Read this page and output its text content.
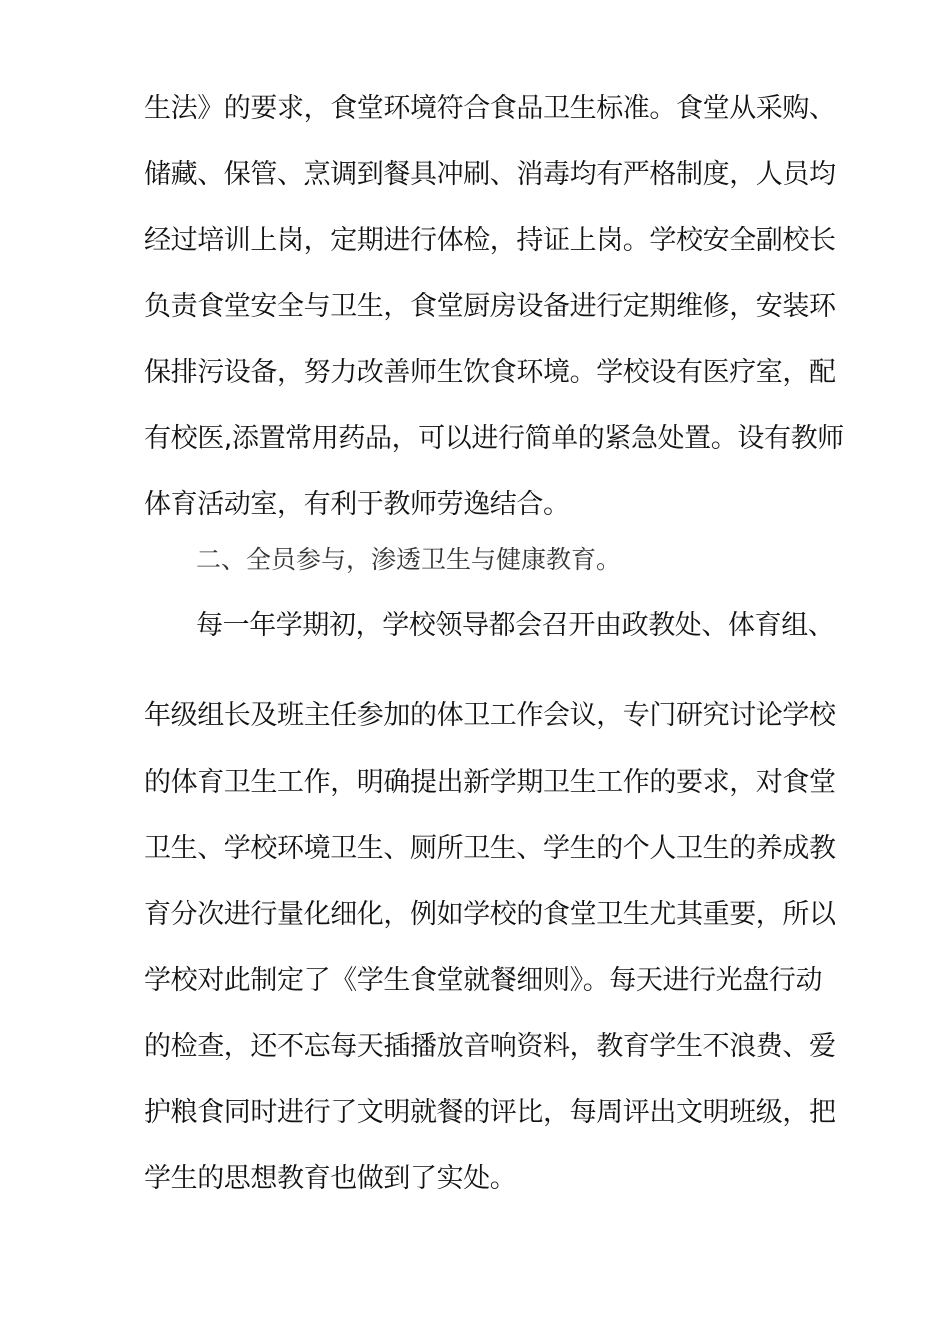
生法》的要求，食堂环境符合食品卫生标准。食堂从采购、
储藏、保管、烹调到餐具冲刷、消毒均有严格制度，人员均
经过培训上岗，定期进行体检，持证上岗。学校安全副校长
负责食堂安全与卫生，食堂厨房设备进行定期维修，安装环
保排污设备，努力改善师生饮食环境。学校设有医疗室，配
有校医,添置常用药品，可以进行简单的紧急处置。设有教师
体育活动室，有利于教师劳逸结合。
二、全员参与，渗透卫生与健康教育。
每一年学期初，学校领导都会召开由政教处、体育组、
年级组长及班主任参加的体卫工作会议，专门研究讨论学校
的体育卫生工作，明确提出新学期卫生工作的要求，对食堂
卫生、学校环境卫生、厕所卫生、学生的个人卫生的养成教
育分次进行量化细化，例如学校的食堂卫生尤其重要，所以
学校对此制定了《学生食堂就餐细则》。每天进行光盘行动
的检查，还不忘每天插播放音响资料，教育学生不浪费、爱
护粮食同时进行了文明就餐的评比，每周评出文明班级，把
学生的思想教育也做到了实处。
